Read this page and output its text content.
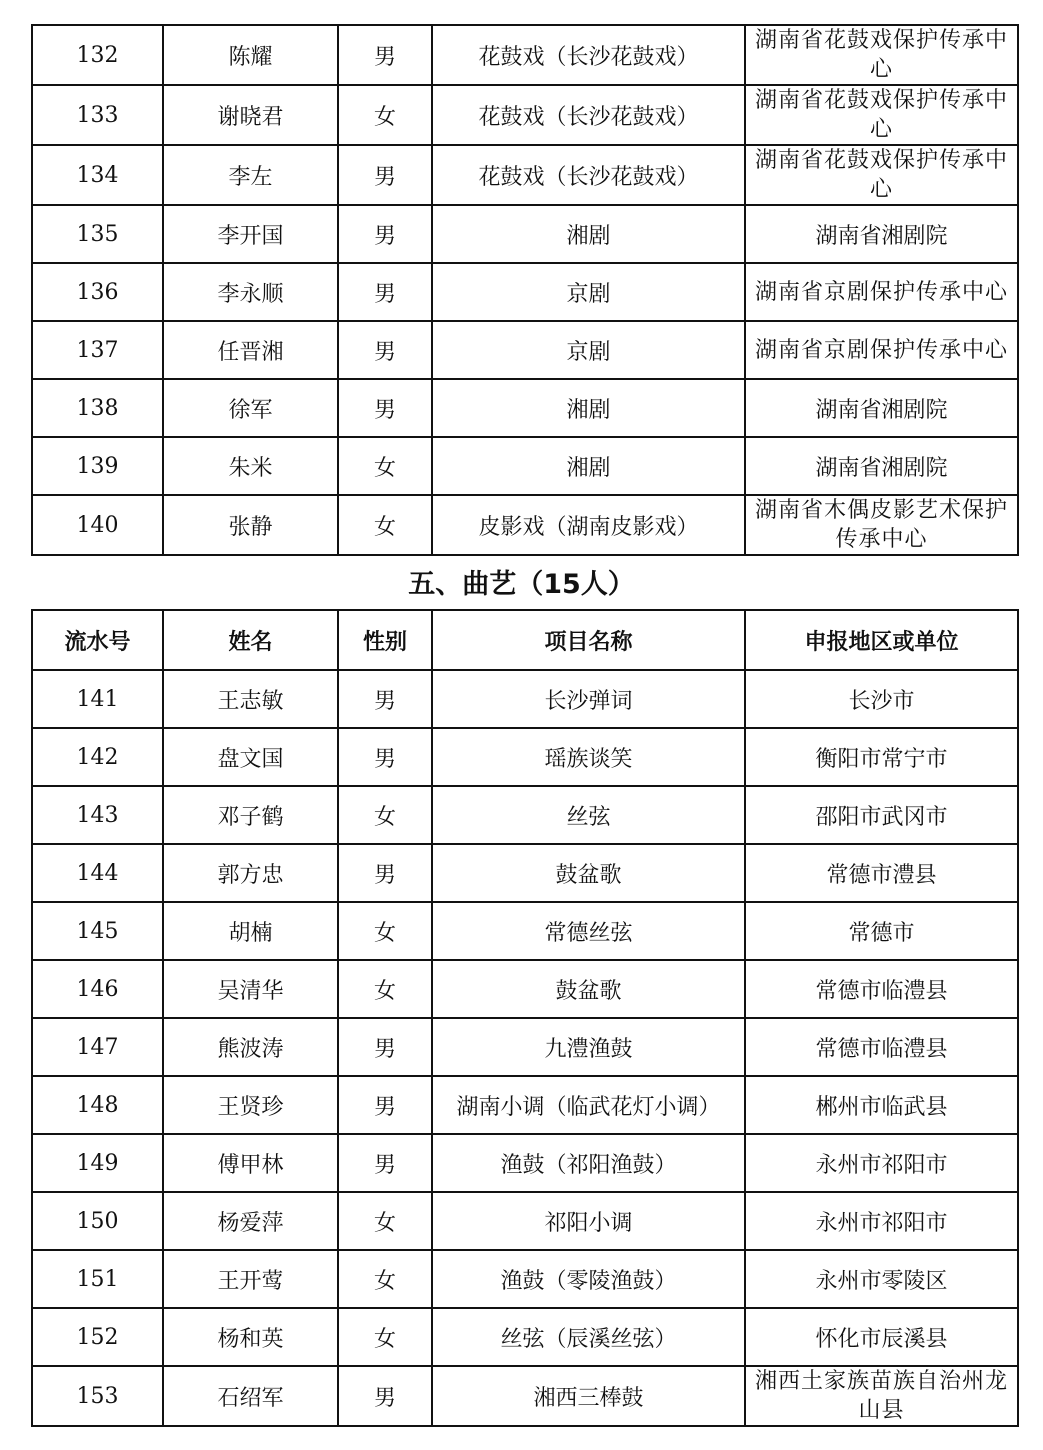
132	陈耀	男	花鼓戏（长沙花鼓戏）	湖南省花鼓戏保护传承中心
133	谢晓君	女	花鼓戏（长沙花鼓戏）	湖南省花鼓戏保护传承中心
134	李左	男	花鼓戏（长沙花鼓戏）	湖南省花鼓戏保护传承中心
135	李开国	男	湘剧	湖南省湘剧院
136	李永顺	男	京剧	湖南省京剧保护传承中心
137	任晋湘	男	京剧	湖南省京剧保护传承中心
138	徐军	男	湘剧	湖南省湘剧院
139	朱米	女	湘剧	湖南省湘剧院
140	张静	女	皮影戏（湖南皮影戏）	湖南省木偶皮影艺术保护传承中心
五、曲艺（15人）
流水号	姓名	性别	项目名称	申报地区或单位
141	王志敏	男	长沙弹词	长沙市
142	盘文国	男	瑶族谈笑	衡阳市常宁市
143	邓子鹤	女	丝弦	邵阳市武冈市
144	郭方忠	男	鼓盆歌	常德市澧县
145	胡楠	女	常德丝弦	常德市
146	吴清华	女	鼓盆歌	常德市临澧县
147	熊波涛	男	九澧渔鼓	常德市临澧县
148	王贤珍	男	湖南小调（临武花灯小调）	郴州市临武县
149	傅甲林	男	渔鼓（祁阳渔鼓）	永州市祁阳市
150	杨爱萍	女	祁阳小调	永州市祁阳市
151	王开莺	女	渔鼓（零陵渔鼓）	永州市零陵区
152	杨和英	女	丝弦（辰溪丝弦）	怀化市辰溪县
153	石绍军	男	湘西三棒鼓	湘西土家族苗族自治州龙山县
